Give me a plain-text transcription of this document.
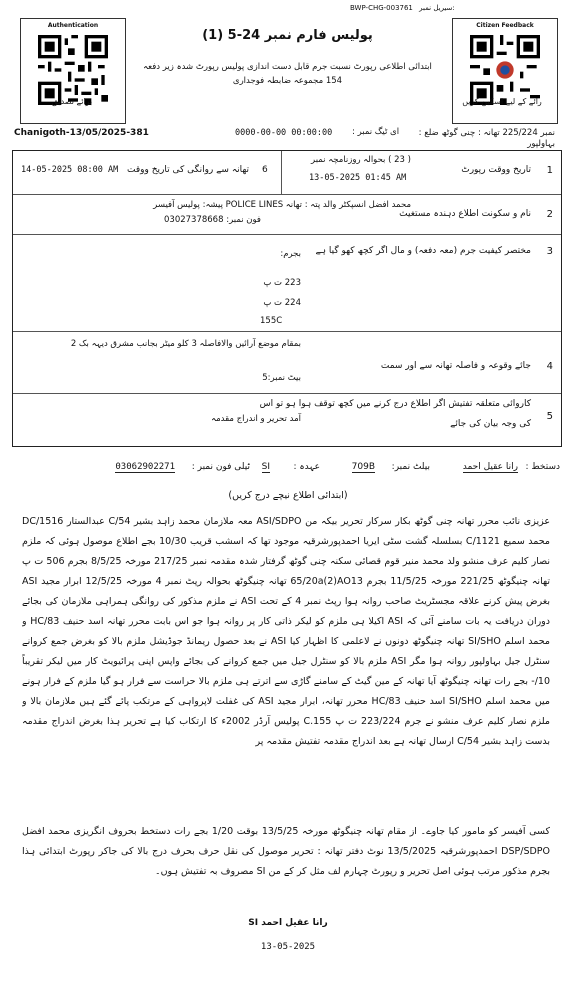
BWP-CHG-003761 سیریل نمبر:
Authentication
برائے تصدیق
Citizen Feedback
رائے کے لیے اسکین کریں
پولیس فارم نمبر 24-5 (1)
ابتدائی اطلاعی رپورٹ نسبت جرم قابل دست اندازی پولیس رپورٹ شدہ زیر دفعہ 154 مجموعہ ضابطہ فوجداری
Chanigoth-13/05/2025-381	0000-00-00 00:00:00 ای ٹیگ نمبر :	نمبر 225/224 تھانہ : چنی گوٹھ ضلع : بہاولپور
1
تاریخ ووقت رپورٹ
( 23 ) بحوالہ روزنامچہ نمبر
13-05-2025 01:45 AM
6
تھانہ سے روانگی کی تاریخ ووقت
14-05-2025 08:00 AM
2
نام و سکونت اطلاع دہندہ مستغیث
محمد افضل انسپکٹر والد پتہ : تھانہ POLICE LINES پیشہ: پولیس آفیسر
فون نمبر: 03027378668
3
مختصر کیفیت جرم (معہ دفعہ) و مال اگر کچھ کھو گیا ہے
بجرم:
223 ت پ
224 ت پ
155C
4
جائے وقوعہ و فاصلہ تھانہ سے اور سمت
بمقام موضع آرائیں والافاصلہ 3 کلو میٹر بجانب مشرق دیہہ بک 2
بیٹ نمبر:5
5
کاروائی متعلقہ تفتیش اگر اطلاع درج کرنے میں کچھ توقف ہوا ہو تو اس
کی وجہ بیان کی جائے
آمد تحریر و اندراج مقدمہ
دستخط :
رانا عقیل احمد
بیلٹ نمبر:
709B
عہدہ :
SI
ٹیلی فون نمبر :
03062902271
(ابتدائی اطلاع نیچے درج کریں)
عزیزی نائب محرر تھانہ چنی گوٹھ بکار سرکار تحریر بیکہ من ASI/SDPO معہ ملازمان محمد زاہد بشیر 54/C عبدالستار 1516/DC محمد سمیع 1121/C بسلسلہ گشت سٹی ایریا احمدپورشرقیہ موجود تھا کہ اسشب قریب 10/30 بجے اطلاع موصول ہوئی کہ ملزم نصار کلیم عرف منشو ولد محمد منیر قوم قصائی سکنہ چنی گوٹھ گرفتار شدہ مقدمہ نمبر 217/25 مورخہ 8/5/25 بجرم 506 ت پ تھانہ چنیگوٹھ 221/25 مورخہ 11/5/25 بجرم 65/20a(2)AO13 تھانہ چنیگوٹھ بحوالہ رپٹ نمبر 4 مورخہ 12/5/25 ابرار مجید ASI بغرض پیش کرنے علاقہ مجسٹریٹ صاحب روانہ ہوا رپٹ نمبر 4 کے تحت ASI نے ملزم مذکور کی روانگی ہمراہی ملازمان کی بجائے دوران دریافت یہ بات سامنے آئی کہ ASI اکیلا ہی ملزم کو لیکر ذاتی کار پر روانہ ہوا جو اس بابت محرر تھانہ اسد حنیف 83/HC و محمد اسلم SI/SHO تھانہ چنیگوٹھ دونوں نے لاعلمی کا اظہار کیا ASI نے بعد حصول ریمانڈ جوڈیشل ملزم بالا کو بغرض جمع کروانے سنٹرل جیل بہاولپور روانہ ہوا مگر ASI ملزم بالا کو سنٹرل جیل میں جمع کروانے کی بجائے واپس اپنی پرائیویٹ کار میں لیکر تقریباً 10/- بجے رات تھانہ چنیگوٹھ آیا تھانہ کے مین گیٹ کے سامنے گاڑی سے اترتے ہی ملزم بالا حراست سے فرار ہو گیا ملزم کے فرار ہونے میں محمد اسلم SI/SHO اسد حنیف 83/HC محرر تھانہ، ابرار مجید ASI کی غفلت لاپرواہی کے مرتکب پائے گئے ہیں ملازمان بالا و ملزم نصار کلیم عرف منشو نے جرم 223/224 ت پ C.155 پولیس آرڈر 2002ء کا ارتکاب کیا ہے تحریر ہذا بغرض اندراج مقدمہ بدست زاہد بشیر 54/C ارسال تھانہ ہے بعد اندراج مقدمہ تفتیش مقدمہ پر
کسی آفیسر کو مامور کیا جاوے۔ از مقام تھانہ چنیگوٹھ مورخہ 13/5/25 بوقت 1/20 بجے رات دستخط بحروف انگریزی محمد افضل DSP/SDPO احمدپورشرقیہ 13/5/2025 نوٹ دفتر تھانہ : تحریر موصول کی نقل حرف بحرف درج بالا کی جاکر رپورٹ ابتدائی ہذا بجرم مذکور مرتب ہوئی اصل تحریر و رپورٹ چہارم لف مثل کر کے من SI مصروف بہ تفتیش ہوں۔
رانا عقیل احمد SI
13-05-2025
